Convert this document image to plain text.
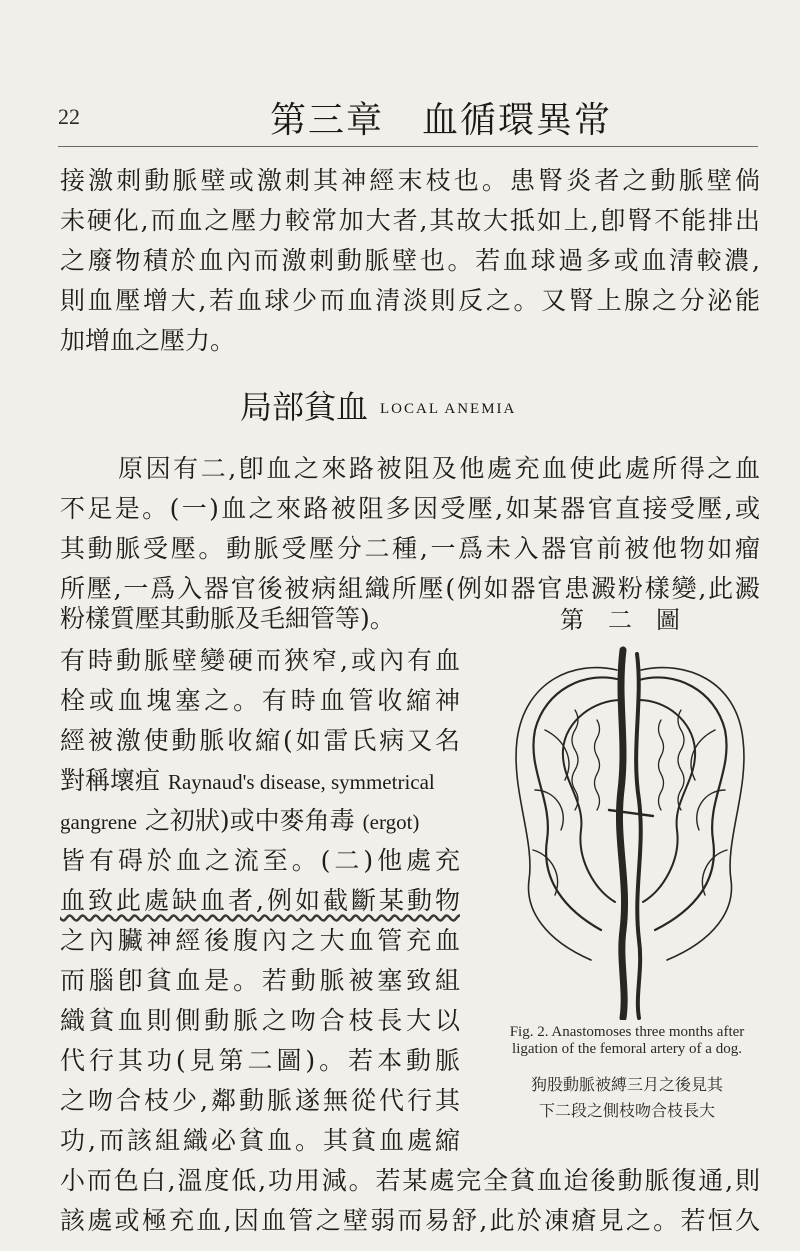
22	第三章　血循環異常
接激刺動脈壁或激刺其神經末枝也。患腎炎者之動脈壁倘
未硬化,而血之壓力較常加大者,其故大抵如上,卽腎不能排出
之廢物積於血內而激刺動脈壁也。若血球過多或血清較濃,
則血壓增大,若血球少而血清淡則反之。又腎上腺之分泌能
加增血之壓力。
局部貧血 LOCAL ANEMIA
原因有二,卽血之來路被阻及他處充血使此處所得之血
不足是。(一)血之來路被阻多因受壓,如某器官直接受壓,或
其動脈受壓。動脈受壓分二種,一爲未入器官前被他物如瘤
所壓,一爲入器官後被病組織所壓(例如器官患澱粉樣變,此澱
粉樣質壓其動脈及毛細管等)。	第二圖
有時動脈壁變硬而狹窄,或內有血
栓或血塊塞之。有時血管收縮神
經被激使動脈收縮(如雷氏病又名
對稱壞疽 Raynaud's disease, symmetrical
gangrene 之初狀)或中麥角毒 (ergot)
皆有碍於血之流至。(二)他處充
血致此處缺血者,例如截斷某動物
之內臟神經後腹內之大血管充血
而腦卽貧血是。若動脈被塞致組
織貧血則側動脈之吻合枝長大以
代行其功(見第二圖)。若本動脈
之吻合枝少,鄰動脈遂無從代行其
功,而該組織必貧血。其貧血處縮
小而色白,溫度低,功用減。若某處完全貧血迨後動脈復通,則
該處或極充血,因血管之壁弱而易舒,此於凍瘡見之。若恒久
Fig. 2. Anastomoses three months after ligation of the femoral artery of a dog.
狗股動脈被縛三月之後見其
下二段之側枝吻合枝長大
